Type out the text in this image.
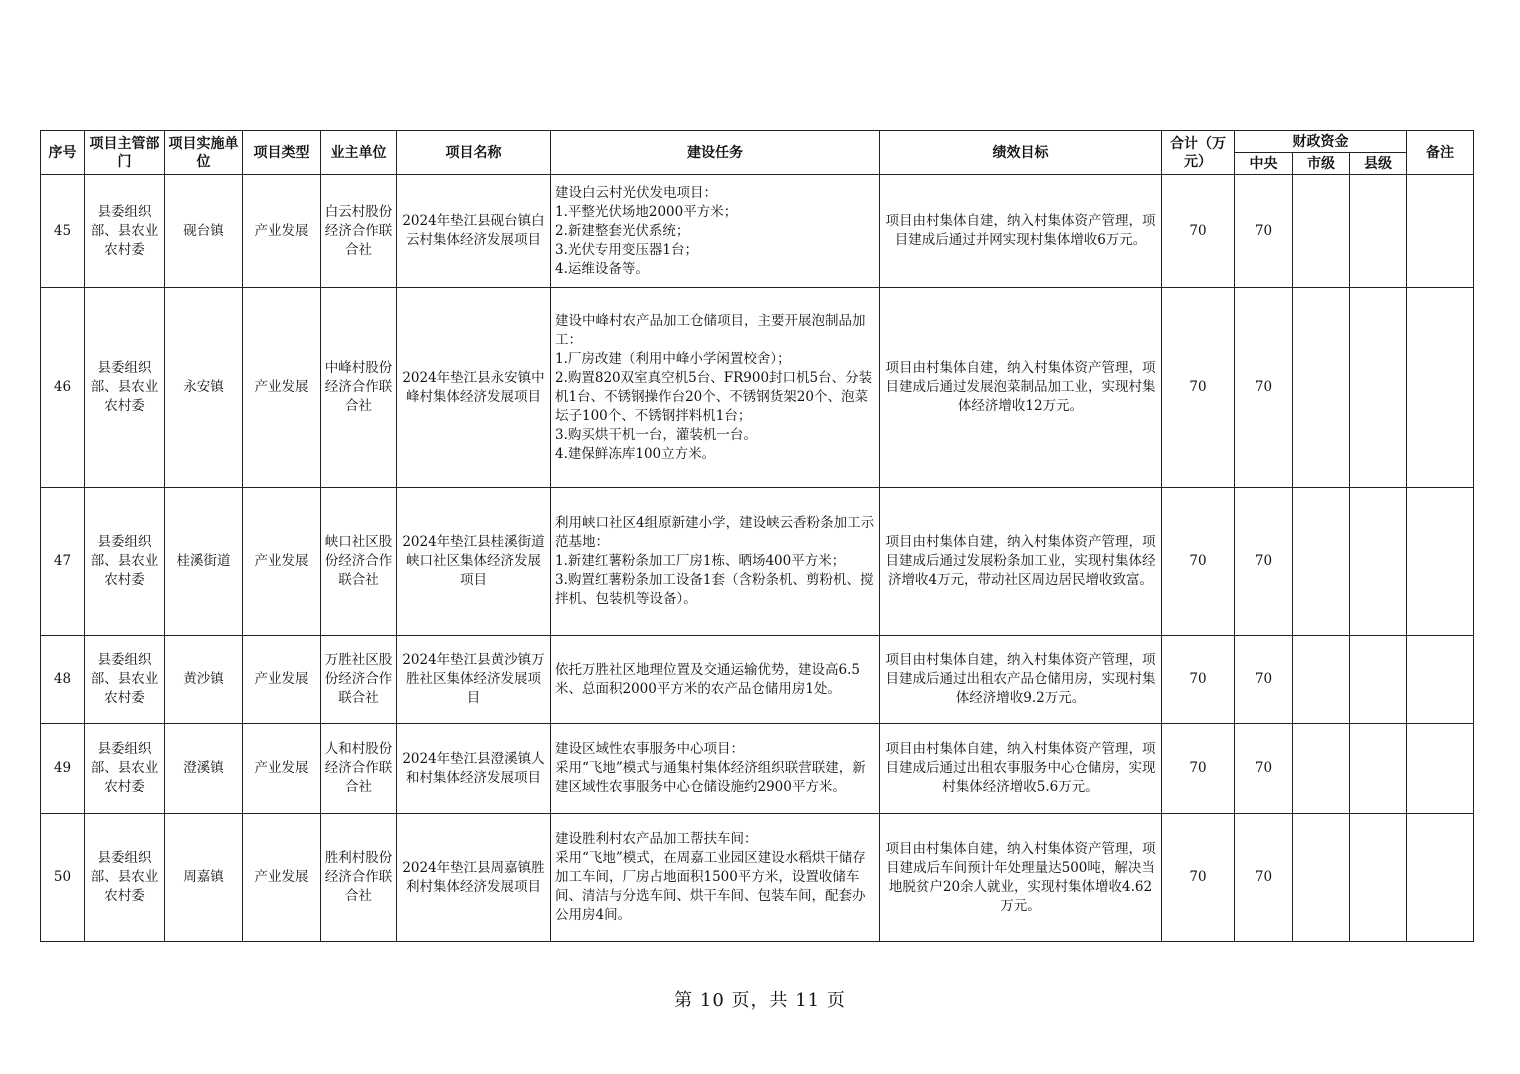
序号	项目主管部门	项目实施单位	项目类型	业主单位	项目名称	建设任务	绩效目标	合计（万元）	财政资金			备注
									中央	市级	县级	
45	县委组织部、县农业农村委	砚台镇	产业发展	白云村股份经济合作联合社	2024年垫江县砚台镇白云村集体经济发展项目	建设白云村光伏发电项目：
1.平整光伏场地2000平方米；
2.新建整套光伏系统；
3.光伏专用变压器1台；
4.运维设备等。	项目由村集体自建，纳入村集体资产管理，项目建成后通过并网实现村集体增收6万元。	70	70			
46	县委组织部、县农业农村委	永安镇	产业发展	中峰村股份经济合作联合社	2024年垫江县永安镇中峰村集体经济发展项目	建设中峰村农产品加工仓储项目，主要开展泡制品加工：
1.厂房改建（利用中峰小学闲置校舍）；
2.购置820双室真空机5台、FR900封口机5台、分装机1台、不锈钢操作台20个、不锈钢货架20个、泡菜坛子100个、不锈钢拌料机1台；
3.购买烘干机一台，灌装机一台。
4.建保鲜冻库100立方米。	项目由村集体自建，纳入村集体资产管理，项目建成后通过发展泡菜制品加工业，实现村集体经济增收12万元。	70	70			
47	县委组织部、县农业农村委	桂溪街道	产业发展	峡口社区股份经济合作联合社	2024年垫江县桂溪街道峡口社区集体经济发展项目	利用峡口社区4组原新建小学，建设峡云香粉条加工示范基地：
1.新建红薯粉条加工厂房1栋、晒场400平方米；
3.购置红薯粉条加工设备1套（含粉条机、剪粉机、搅拌机、包装机等设备）。	项目由村集体自建，纳入村集体资产管理，项目建成后通过发展粉条加工业，实现村集体经济增收4万元，带动社区周边居民增收致富。	70	70			
48	县委组织部、县农业农村委	黄沙镇	产业发展	万胜社区股份经济合作联合社	2024年垫江县黄沙镇万胜社区集体经济发展项目	依托万胜社区地理位置及交通运输优势，建设高6.5米、总面积2000平方米的农产品仓储用房1处。	项目由村集体自建，纳入村集体资产管理，项目建成后通过出租农产品仓储用房，实现村集体经济增收9.2万元。	70	70			
49	县委组织部、县农业农村委	澄溪镇	产业发展	人和村股份经济合作联合社	2024年垫江县澄溪镇人和村集体经济发展项目	建设区域性农事服务中心项目：
采用“飞地”模式与通集村集体经济组织联营联建，新建区域性农事服务中心仓储设施约2900平方米。	项目由村集体自建，纳入村集体资产管理，项目建成后通过出租农事服务中心仓储房，实现村集体经济增收5.6万元。	70	70			
50	县委组织部、县农业农村委	周嘉镇	产业发展	胜利村股份经济合作联合社	2024年垫江县周嘉镇胜利村集体经济发展项目	建设胜利村农产品加工帮扶车间：
采用“飞地”模式，在周嘉工业园区建设水稻烘干储存加工车间，厂房占地面积1500平方米，设置收储车间、清洁与分选车间、烘干车间、包装车间，配套办公用房4间。	项目由村集体自建，纳入村集体资产管理，项目建成后车间预计年处理量达500吨，解决当地脱贫户20余人就业，实现村集体增收4.62万元。	70	70			
第 10 页，共 11 页
